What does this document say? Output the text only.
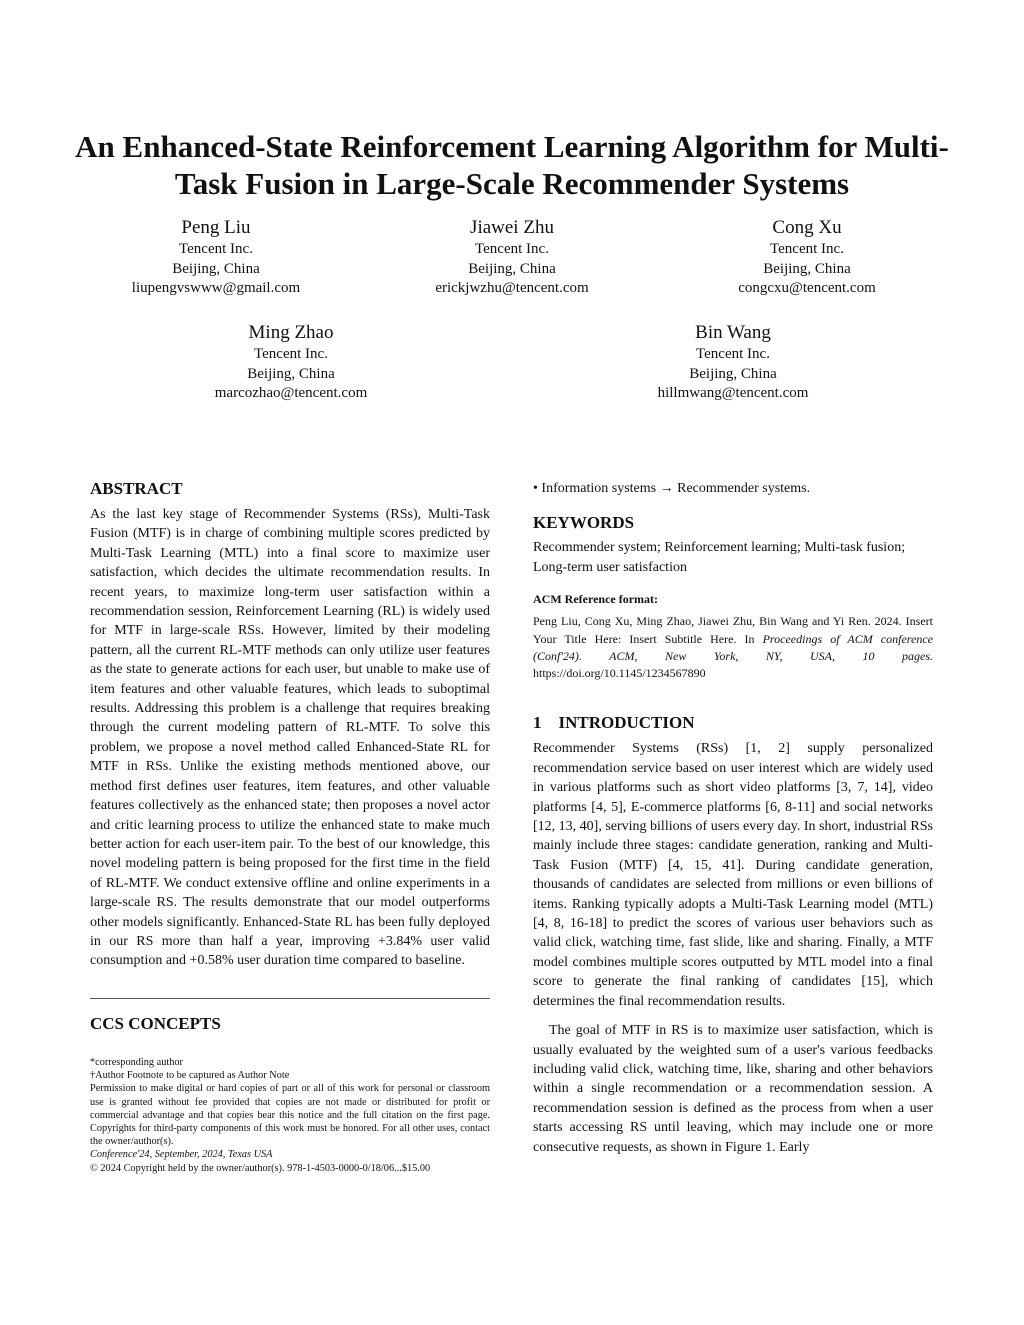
An Enhanced-State Reinforcement Learning Algorithm for Multi-
Task Fusion in Large-Scale Recommender Systems
Peng Liu
Tencent Inc.
Beijing, China
liupengvswww@gmail.com
Jiawei Zhu
Tencent Inc.
Beijing, China
erickjwzhu@tencent.com
Cong Xu
Tencent Inc.
Beijing, China
congcxu@tencent.com
Ming Zhao
Tencent Inc.
Beijing, China
marcozhao@tencent.com
Bin Wang
Tencent Inc.
Beijing, China
hillmwang@tencent.com
ABSTRACT
As the last key stage of Recommender Systems (RSs), Multi-Task Fusion (MTF) is in charge of combining multiple scores predicted by Multi-Task Learning (MTL) into a final score to maximize user satisfaction, which decides the ultimate recommendation results. In recent years, to maximize long-term user satisfaction within a recommendation session, Reinforcement Learning (RL) is widely used for MTF in large-scale RSs. However, limited by their modeling pattern, all the current RL-MTF methods can only utilize user features as the state to generate actions for each user, but unable to make use of item features and other valuable features, which leads to suboptimal results. Addressing this problem is a challenge that requires breaking through the current modeling pattern of RL-MTF. To solve this problem, we propose a novel method called Enhanced-State RL for MTF in RSs. Unlike the existing methods mentioned above, our method first defines user features, item features, and other valuable features collectively as the enhanced state; then proposes a novel actor and critic learning process to utilize the enhanced state to make much better action for each user-item pair. To the best of our knowledge, this novel modeling pattern is being proposed for the first time in the field of RL-MTF. We conduct extensive offline and online experiments in a large-scale RS. The results demonstrate that our model outperforms other models significantly. Enhanced-State RL has been fully deployed in our RS more than half a year, improving +3.84% user valid consumption and +0.58% user duration time compared to baseline.
CCS CONCEPTS
*corresponding author
†Author Footnote to be captured as Author Note
Permission to make digital or hard copies of part or all of this work for personal or classroom use is granted without fee provided that copies are not made or distributed for profit or commercial advantage and that copies bear this notice and the full citation on the first page. Copyrights for third-party components of this work must be honored. For all other uses, contact the owner/author(s).
Conference'24, September, 2024, Texas USA
© 2024 Copyright held by the owner/author(s). 978-1-4503-0000-0/18/06...$15.00
• Information systems → Recommender systems.
KEYWORDS
Recommender system; Reinforcement learning; Multi-task fusion; Long-term user satisfaction
ACM Reference format:
Peng Liu, Cong Xu, Ming Zhao, Jiawei Zhu, Bin Wang and Yi Ren. 2024. Insert Your Title Here: Insert Subtitle Here. In Proceedings of ACM conference (Conf'24). ACM, New York, NY, USA, 10 pages. https://doi.org/10.1145/1234567890
1    INTRODUCTION
Recommender Systems (RSs) [1, 2] supply personalized recommendation service based on user interest which are widely used in various platforms such as short video platforms [3, 7, 14], video platforms [4, 5], E-commerce platforms [6, 8-11] and social networks [12, 13, 40], serving billions of users every day. In short, industrial RSs mainly include three stages: candidate generation, ranking and Multi-Task Fusion (MTF) [4, 15, 41]. During candidate generation, thousands of candidates are selected from millions or even billions of items. Ranking typically adopts a Multi-Task Learning model (MTL) [4, 8, 16-18] to predict the scores of various user behaviors such as valid click, watching time, fast slide, like and sharing. Finally, a MTF model combines multiple scores outputted by MTL model into a final score to generate the final ranking of candidates [15], which determines the final recommendation results.
The goal of MTF in RS is to maximize user satisfaction, which is usually evaluated by the weighted sum of a user's various feedbacks including valid click, watching time, like, sharing and other behaviors within a single recommendation or a recommendation session. A recommendation session is defined as the process from when a user starts accessing RS until leaving, which may include one or more consecutive requests, as shown in Figure 1. Early
